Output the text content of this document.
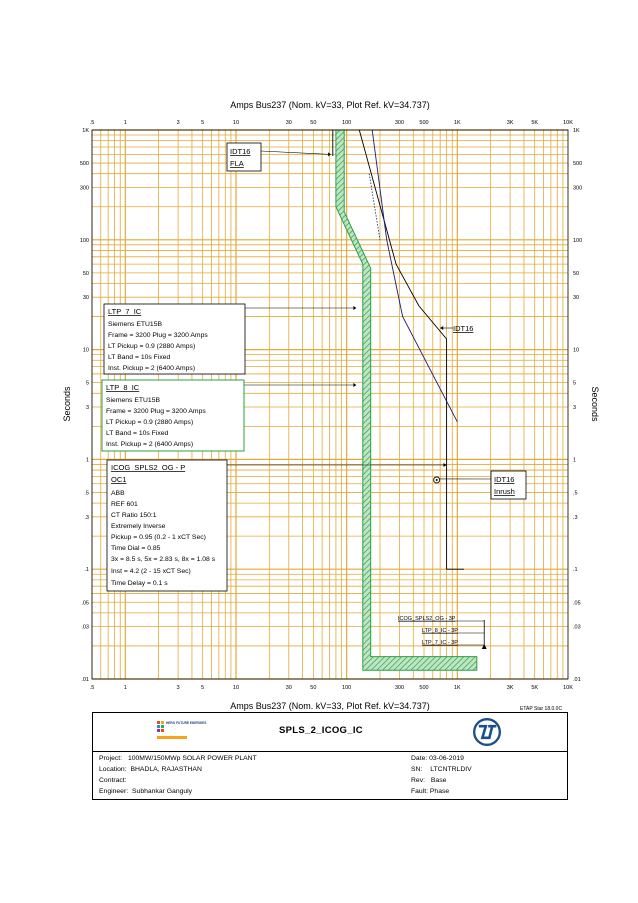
.5
.5
1
1
3
3
5
5
10
10
30
30
50
50
100
100
300
300
500
500
1K
1K
3K
3K
5K
5K
10K
10K
.01	.01
.03	.03
.05	.05
.1	.1
.3	.3
.5	.5
1	1
3	3
5	5
10	10
30	30
50	50
100	100
300	300
500	500
1K	1K
Amps Bus237 (Nom. kV=33, Plot Ref. kV=34.737)
Amps Bus237 (Nom. kV=33, Plot Ref. kV=34.737)
Seconds	Seconds
IDT16
FLA
LTP_7_IC
Siemens ETU15B
Frame = 3200 Plug = 3200 Amps
LT Pickup = 0.9 (2880 Amps)
LT Band = 10s Fixed
Inst. Pickup = 2 (6400 Amps)
LTP_8_IC
Siemens ETU15B
Frame = 3200 Plug = 3200 Amps
LT Pickup = 0.9 (2880 Amps)
LT Band = 10s Fixed
Inst. Pickup = 2 (6400 Amps)
ICOG_SPLS2_OG - P
OC1
ABB
REF 601
CT Ratio 150:1
Extremely Inverse
Pickup = 0.95 (0.2 - 1 xCT Sec)
Time Dial = 0.85
3x = 8.5 s, 5x = 2.83 s, 8x = 1.08 s
Inst = 4.2 (2 - 15 xCT Sec)
Time Delay = 0.1 s
IDT16
IDT16
Inrush
ICOG_SPLS2_OG - 3P
LTP_8_IC - 3P
LTP_7_IC - 3P
ETAP Star 18.0.0C
HERO FUTURE ENERGIES
SPLS_2_ICOG_IC
Project: 100MW/150MWp SOLAR POWER PLANT
Location: BHADLA, RAJASTHAN
Contract:
Engineer: Subhankar Ganguly
Date: 03-06-2019
SN: LTCNTRLDIV
Rev: Base
Fault: Phase
